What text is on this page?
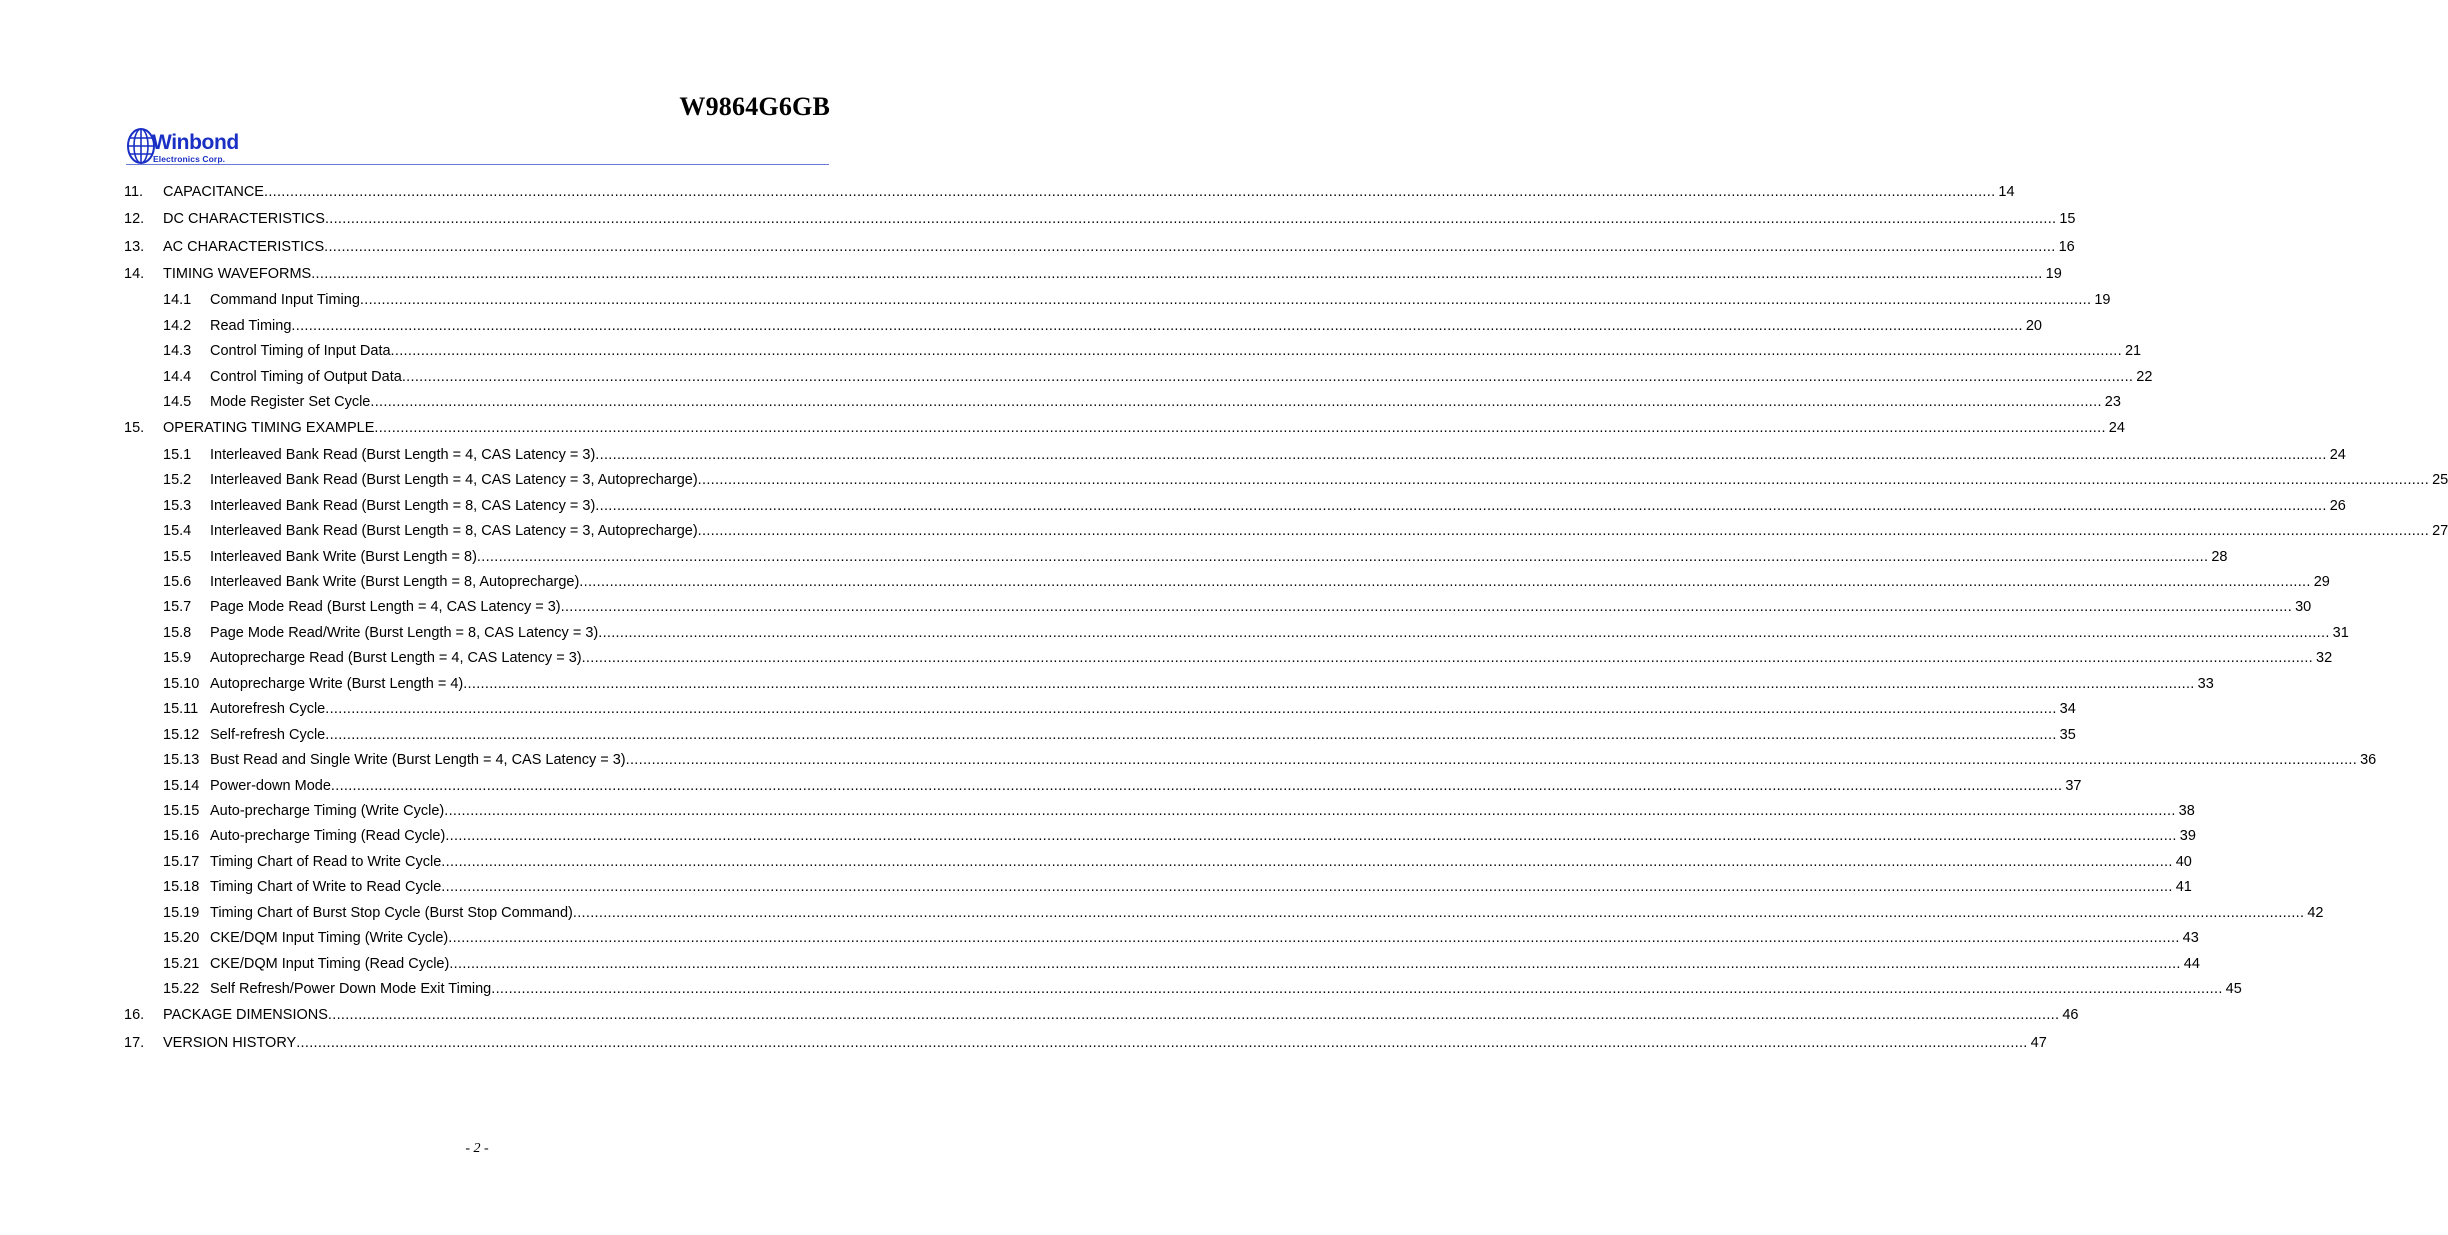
W9864G6GB
Winbond
Electronics Corp.
11. CAPACITANCE ................................................................................................................................................................................................................................................................................................................................................................................................................ 14
12. DC CHARACTERISTICS ................................................................................................................................................................................................................................................................................................................................................................................................................ 15
13. AC CHARACTERISTICS ................................................................................................................................................................................................................................................................................................................................................................................................................ 16
14. TIMING WAVEFORMS ................................................................................................................................................................................................................................................................................................................................................................................................................ 19
14.1 Command Input Timing ................................................................................................................................................................................................................................................................................................................................................................................................................ 19
14.2 Read Timing ................................................................................................................................................................................................................................................................................................................................................................................................................ 20
14.3 Control Timing of Input Data ................................................................................................................................................................................................................................................................................................................................................................................................................ 21
14.4 Control Timing of Output Data ................................................................................................................................................................................................................................................................................................................................................................................................................ 22
14.5 Mode Register Set Cycle ................................................................................................................................................................................................................................................................................................................................................................................................................ 23
15. OPERATING TIMING EXAMPLE ................................................................................................................................................................................................................................................................................................................................................................................................................ 24
15.1 Interleaved Bank Read (Burst Length = 4, CAS Latency = 3) ................................................................................................................................................................................................................................................................................................................................................................................................................ 24
15.2 Interleaved Bank Read (Burst Length = 4, CAS Latency = 3, Autoprecharge) ................................................................................................................................................................................................................................................................................................................................................................................................................ 25
15.3 Interleaved Bank Read (Burst Length = 8, CAS Latency = 3) ................................................................................................................................................................................................................................................................................................................................................................................................................ 26
15.4 Interleaved Bank Read (Burst Length = 8, CAS Latency = 3, Autoprecharge) ................................................................................................................................................................................................................................................................................................................................................................................................................ 27
15.5 Interleaved Bank Write (Burst Length = 8) ................................................................................................................................................................................................................................................................................................................................................................................................................ 28
15.6 Interleaved Bank Write (Burst Length = 8, Autoprecharge) ................................................................................................................................................................................................................................................................................................................................................................................................................ 29
15.7 Page Mode Read (Burst Length = 4, CAS Latency = 3) ................................................................................................................................................................................................................................................................................................................................................................................................................ 30
15.8 Page Mode Read/Write (Burst Length = 8, CAS Latency = 3) ................................................................................................................................................................................................................................................................................................................................................................................................................ 31
15.9 Autoprecharge Read (Burst Length = 4, CAS Latency = 3) ................................................................................................................................................................................................................................................................................................................................................................................................................ 32
15.10 Autoprecharge Write (Burst Length = 4) ................................................................................................................................................................................................................................................................................................................................................................................................................ 33
15.11 Autorefresh Cycle ................................................................................................................................................................................................................................................................................................................................................................................................................ 34
15.12 Self-refresh Cycle ................................................................................................................................................................................................................................................................................................................................................................................................................ 35
15.13 Bust Read and Single Write (Burst Length = 4, CAS Latency = 3) ................................................................................................................................................................................................................................................................................................................................................................................................................ 36
15.14 Power-down Mode ................................................................................................................................................................................................................................................................................................................................................................................................................ 37
15.15 Auto-precharge Timing (Write Cycle) ................................................................................................................................................................................................................................................................................................................................................................................................................ 38
15.16 Auto-precharge Timing (Read Cycle) ................................................................................................................................................................................................................................................................................................................................................................................................................ 39
15.17 Timing Chart of Read to Write Cycle ................................................................................................................................................................................................................................................................................................................................................................................................................ 40
15.18 Timing Chart of Write to Read Cycle ................................................................................................................................................................................................................................................................................................................................................................................................................ 41
15.19 Timing Chart of Burst Stop Cycle (Burst Stop Command) ................................................................................................................................................................................................................................................................................................................................................................................................................ 42
15.20 CKE/DQM Input Timing (Write Cycle) ................................................................................................................................................................................................................................................................................................................................................................................................................ 43
15.21 CKE/DQM Input Timing (Read Cycle) ................................................................................................................................................................................................................................................................................................................................................................................................................ 44
15.22 Self Refresh/Power Down Mode Exit Timing ................................................................................................................................................................................................................................................................................................................................................................................................................ 45
16. PACKAGE DIMENSIONS ................................................................................................................................................................................................................................................................................................................................................................................................................ 46
17. VERSION HISTORY ................................................................................................................................................................................................................................................................................................................................................................................................................ 47
- 2 -
